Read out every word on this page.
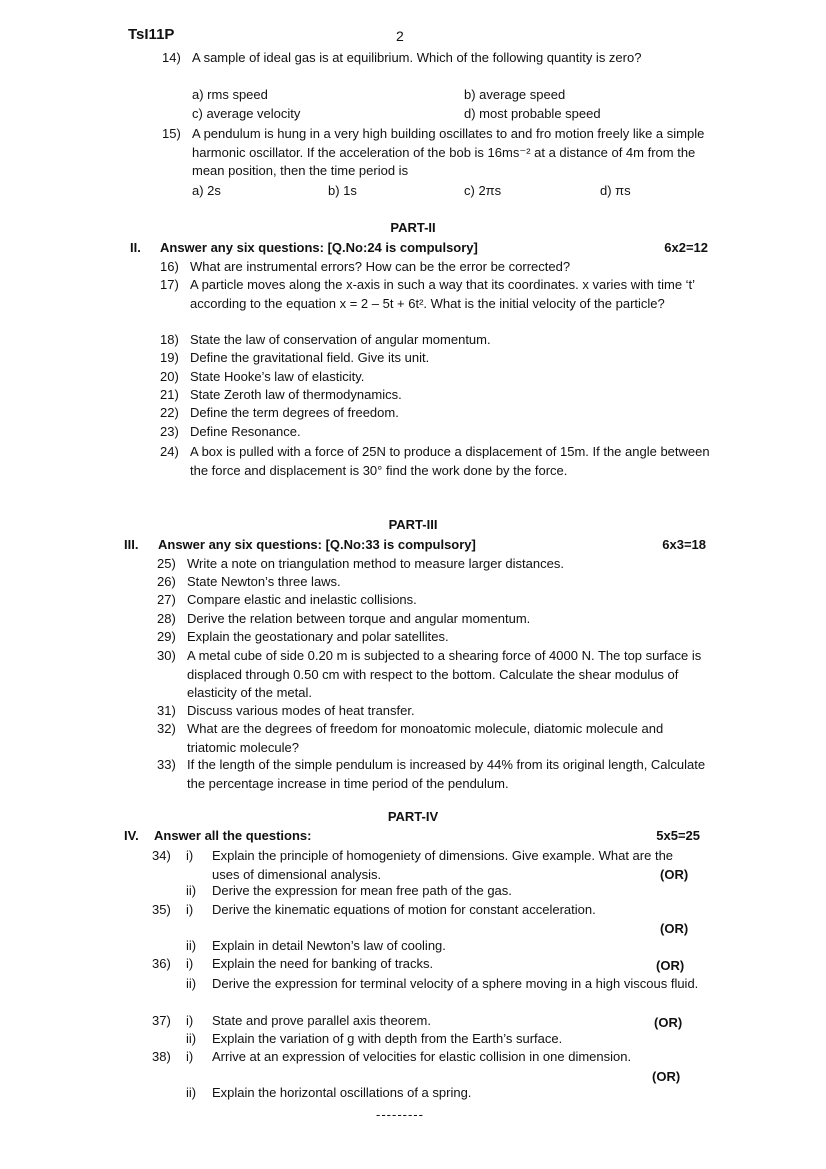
TsI11P	2
14) A sample of ideal gas is at equilibrium. Which of the following quantity is zero?
a) rms speed	b) average speed
c) average velocity	d) most probable speed
15) A pendulum is hung in a very high building oscillates to and fro motion freely like a simple harmonic oscillator. If the acceleration of the bob is 16ms⁻² at a distance of 4m from the mean position, then the time period is
a) 2s	b) 1s	c) 2πs	d) πs
PART-II
II.	Answer any six questions: [Q.No:24 is compulsory]	6x2=12
16) What are instrumental errors? How can be the error be corrected?
17) A particle moves along the x-axis in such a way that its coordinates. x varies with time ‘t’ according to the equation x = 2 – 5t + 6t². What is the initial velocity of the particle?
18) State the law of conservation of angular momentum.
19) Define the gravitational field. Give its unit.
20) State Hooke’s law of elasticity.
21) State Zeroth law of thermodynamics.
22) Define the term degrees of freedom.
23) Define Resonance.
24) A box is pulled with a force of 25N to produce a displacement of 15m. If the angle between the force and displacement is 30° find the work done by the force.
PART-III
III.	Answer any six questions: [Q.No:33 is compulsory]	6x3=18
25) Write a note on triangulation method to measure larger distances.
26) State Newton’s three laws.
27) Compare elastic and inelastic collisions.
28) Derive the relation between torque and angular momentum.
29) Explain the geostationary and polar satellites.
30) A metal cube of side 0.20 m is subjected to a shearing force of 4000 N. The top surface is displaced through 0.50 cm with respect to the bottom. Calculate the shear modulus of elasticity of the metal.
31) Discuss various modes of heat transfer.
32) What are the degrees of freedom for monoatomic molecule, diatomic molecule and triatomic molecule?
33) If the length of the simple pendulum is increased by 44% from its original length, Calculate the percentage increase in time period of the pendulum.
PART-IV
IV.	Answer all the questions:	5x5=25
34)	i)	Explain the principle of homogeniety of dimensions. Give example. What are the uses of dimensional analysis.	(OR)
ii)	Derive the expression for mean free path of the gas.
35)	i)	Derive the kinematic equations of motion for constant acceleration.
(OR)
ii)	Explain in detail Newton’s law of cooling.
36)	i)	Explain the need for banking of tracks.	(OR)
ii)	Derive the expression for terminal velocity of a sphere moving in a high viscous fluid.
37)	i)	State and prove parallel axis theorem.	(OR)
ii)	Explain the variation of g with depth from the Earth’s surface.
38)	i)	Arrive at an expression of velocities for elastic collision in one dimension.
(OR)
ii)	Explain the horizontal oscillations of a spring.
---------
